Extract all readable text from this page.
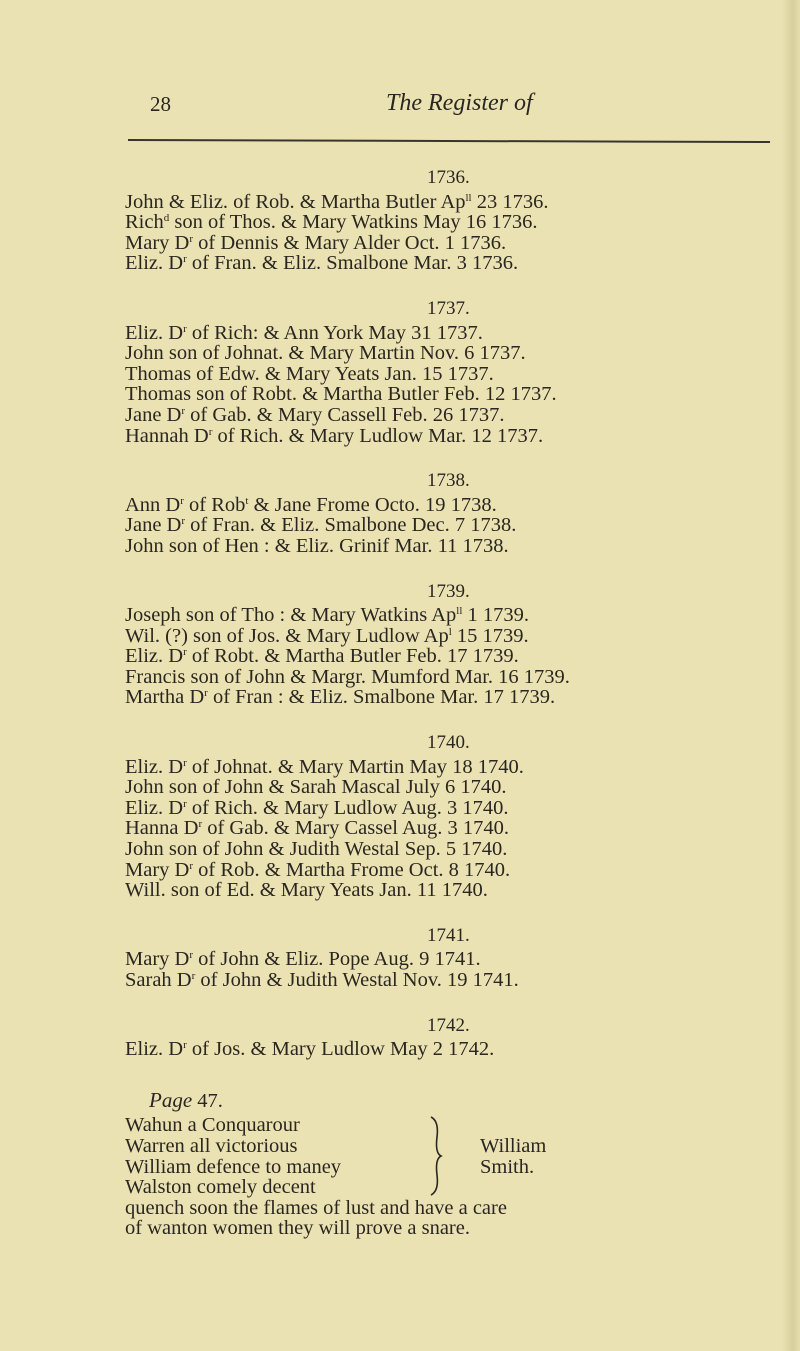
28	The Register of
1736.
John & Eliz. of Rob. & Martha Butler $Ap^{ll}$ 23 1736.
Rich$^d$ son of Thos. & Mary Watkins May 16 1736.
Mary $D^r$ of Dennis & Mary Alder Oct. 1 1736.
Eliz. $D^r$ of Fran. & Eliz. Smalbone Mar. 3 1736.
1737.
Eliz. $D^r$ of Rich: & Ann York May 31 1737.
John son of Johnat. & Mary Martin Nov. 6 1737.
Thomas of Edw. & Mary Yeats Jan. 15 1737.
Thomas son of Robt. & Martha Butler Feb. 12 1737.
Jane $D^r$ of Gab. & Mary Cassell Feb. 26 1737.
Hannah $D^r$ of Rich. & Mary Ludlow Mar. 12 1737.
1738.
Ann $D^r$ of Rob$^t$ & Jane Frome Octo. 19 1738.
Jane $D^r$ of Fran. & Eliz. Smalbone Dec. 7 1738.
John son of Hen : & Eliz. Grinif Mar. 11 1738.
1739.
Joseph son of Tho : & Mary Watkins $Ap^{ll}$ 1 1739.
Wil. (?) son of Jos. & Mary Ludlow Ap$^l$ 15 1739.
Eliz. $D^r$ of Robt. & Martha Butler Feb. 17 1739.
Francis son of John & Margr. Mumford Mar. 16 1739.
Martha $D^r$ of Fran : & Eliz. Smalbone Mar. 17 1739.
1740.
Eliz. $D^r$ of Johnat. & Mary Martin May 18 1740.
John son of John & Sarah Mascal July 6 1740.
Eliz. $D^r$ of Rich. & Mary Ludlow Aug. 3 1740.
Hanna $D^r$ of Gab. & Mary Cassel Aug. 3 1740.
John son of John & Judith Westal Sep. 5 1740.
Mary $D^r$ of Rob. & Martha Frome Oct. 8 1740.
Will. son of Ed. & Mary Yeats Jan. 11 1740.
1741.
Mary $D^r$ of John & Eliz. Pope Aug. 9 1741.
Sarah $D^r$ of John & Judith Westal Nov. 19 1741.
1742.
Eliz. $D^r$ of Jos. & Mary Ludlow May 2 1742.
Page 47.
Wahun a Conquarour
Warren all victorious
William defence to maney
Walston comely decent
William
Smith.
quench soon the flames of lust and have a care
of wanton women they will prove a snare.
